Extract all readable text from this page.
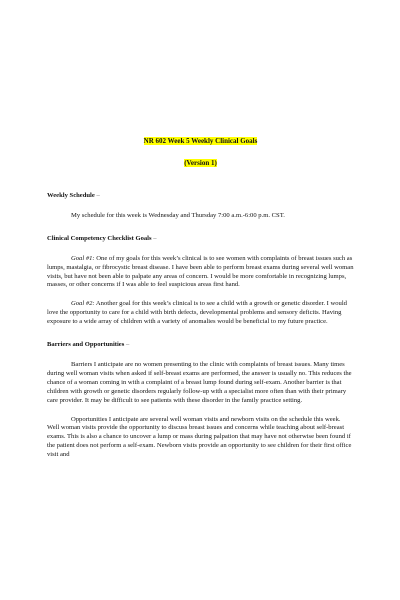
NR 602 Week 5 Weekly Clinical Goals
(Version 1)
Weekly Schedule –

My schedule for this week is Wednesday and Thursday 7:00 a.m.-6:00 p.m. CST.

Clinical Competency Checklist Goals –

Goal #1: One of my goals for this week’s clinical is to see women with complaints of breast issues such as lumps, mastalgia, or fibrocystic breast disease. I have been able to perform breast exams during several well woman visits, but have not been able to palpate any areas of concern. I would be more comfortable in recognizing lumps, masses, or other concerns if I was able to feel suspicious areas first hand.

Goal #2: Another goal for this week’s clinical is to see a child with a growth or genetic disorder. I would love the opportunity to care for a child with birth defects, developmental problems and sensory deficits. Having exposure to a wide array of children with a variety of anomalies would be beneficial to my future practice.

Barriers and Opportunities –

Barriers I anticipate are no women presenting to the clinic with complaints of breast issues. Many times during well woman visits when asked if self-breast exams are performed, the answer is usually no. This reduces the chance of a woman coming in with a complaint of a breast lump found during self-exam. Another barrier is that children with growth or genetic disorders regularly follow-up with a specialist more often than with their primary care provider. It may be difficult to see patients with these disorder in the family practice setting.

Opportunities I anticipate are several well woman visits and newborn visits on the schedule this week. Well woman visits provide the opportunity to discuss breast issues and concerns while teaching about self-breast exams. This is also a chance to uncover a lump or mass during palpation that may have not otherwise been found if the patient does not perform a self-exam. Newborn visits provide an opportunity to see children for their first office visit and
